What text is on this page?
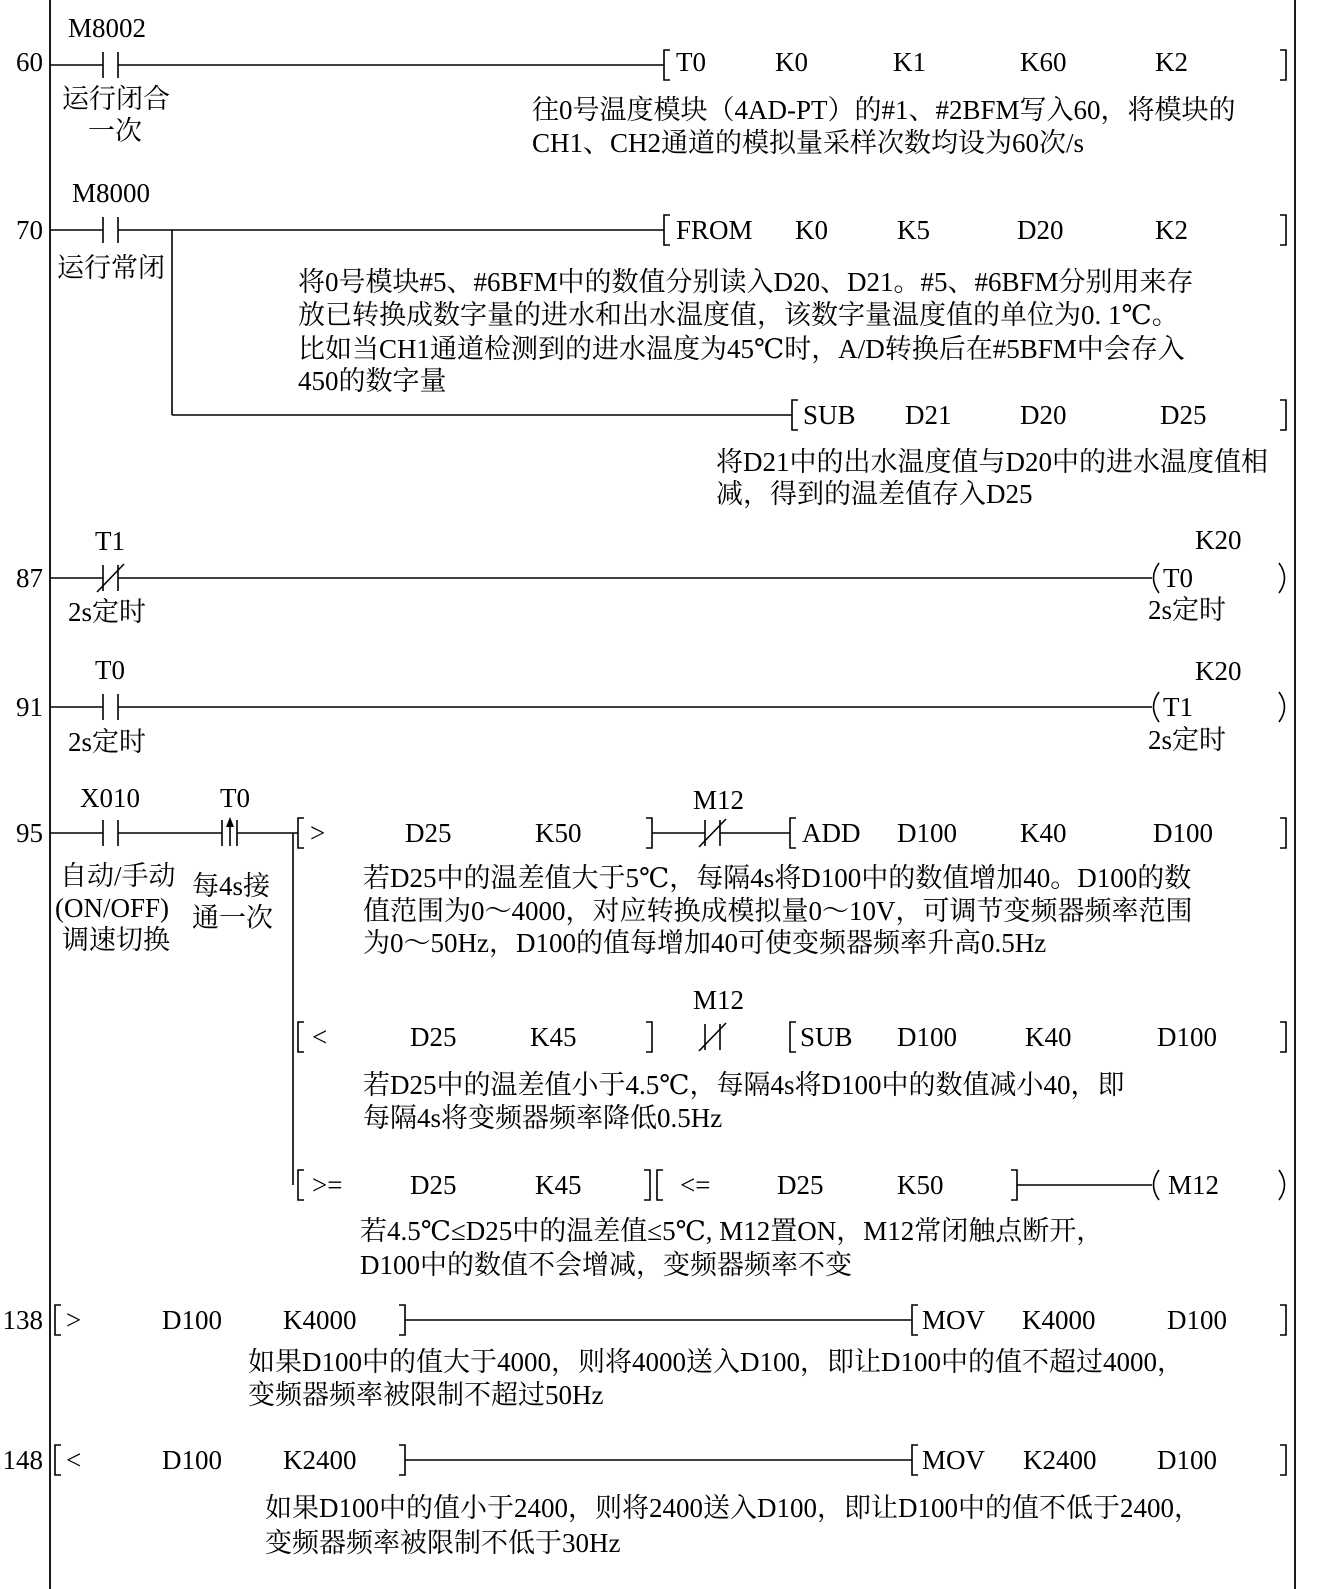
60
M8002
运行闭合
一次
T0	K0	K1	K60	K2
往0号温度模块（4AD-PT）的#1、#2BFM写入60，将模块的
CH1、CH2通道的模拟量采样次数均设为60次/s
70
M8000
运行常闭
FROM K0	K5	D20	K2
将0号模块#5、#6BFM中的数值分别读入D20、D21。#5、#6BFM分别用来存
放已转换成数字量的进水和出水温度值，该数字量温度值的单位为0. 1℃。
比如当CH1通道检测到的进水温度为45℃时，A/D转换后在#5BFM中会存入
450的数字量
SUB D21	D20	D25
将D21中的出水温度值与D20中的进水温度值相
减，得到的温差值存入D25
87
T1
2s定时
T0
K20
2s定时
91
T0
2s定时
T1
K20
2s定时
95
X010
自动/手动
(ON/OFF)
调速切换
T0
每4s接
通一次
>	D25	K50
M12
ADD D100 K40	D100
若D25中的温差值大于5℃，每隔4s将D100中的数值增加40。D100的数
值范围为0～4000，对应转换成模拟量0～10V，可调节变频器频率范围
为0～50Hz，D100的值每增加40可使变频器频率升高0.5Hz
<	D25	K45
M12
SUB D100	K40	D100
若D25中的温差值小于4.5℃，每隔4s将D100中的数值减小40，即
每隔4s将变频器频率降低0.5Hz
>=	D25	K45	<= D25	K50	M12
若4.5℃≤D25中的温差值≤5℃, M12置ON，M12常闭触点断开，
D100中的数值不会增减，变频器频率不变
138 >	D100 K4000	MOV K4000	D100
如果D100中的值大于4000，则将4000送入D100，即让D100中的值不超过4000，
变频器频率被限制不超过50Hz
148 <	D100 K2400	MOV K2400 D100
如果D100中的值小于2400，则将2400送入D100，即让D100中的值不低于2400，
变频器频率被限制不低于30Hz
